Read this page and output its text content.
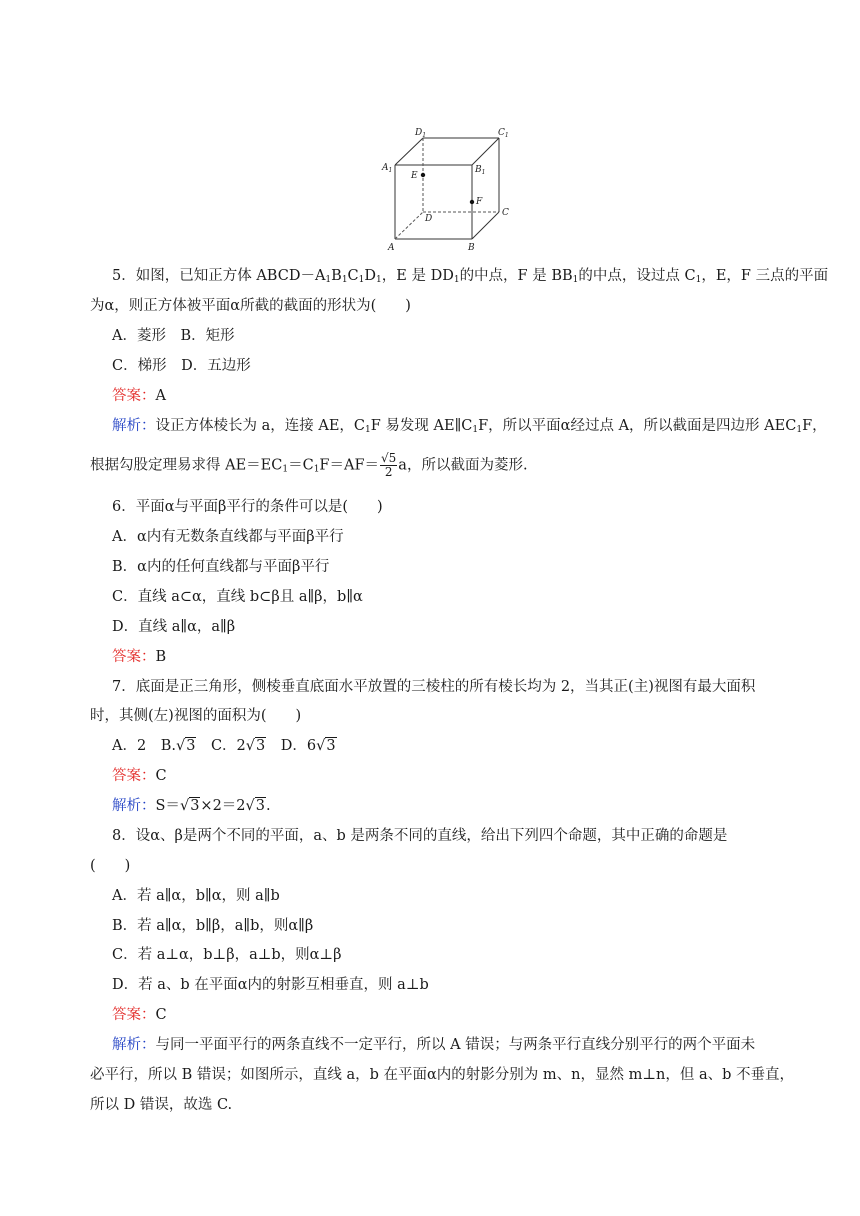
$D_1$	$C_1$
$A_1$	$B_1$
E
F
C
D
A	B
5．如图，已知正方体 $ABCD-A_1B_1C_1D_1$，E 是 $DD_1$的中点，F 是 $BB_1$的中点，设过点 $C_1$，E，F 三点的平面
为α，则正方体被平面α所截的截面的形状为(　　)
A．菱形　B．矩形
C．梯形　D．五边形
答案：A
解析：设正方体棱长为 a，连接 AE，$C_1F$ 易发现 $AE\parallel C_1F$，所以平面α经过点 A，所以截面是四边形 $AEC_1F$，
根据勾股定理易求得 $AE=EC_1=C_1F=AF= \frac{√5}{2}$ a，所以截面为菱形.
6．平面α与平面β平行的条件可以是(　　)
A．α内有无数条直线都与平面β平行
B．α内的任何直线都与平面β平行
C．直线 a⊂α，直线 b⊂β且 a∥β，b∥α
D．直线 a∥α，a∥β
答案：B
7．底面是正三角形，侧棱垂直底面水平放置的三棱柱的所有棱长均为 2，当其正(主)视图有最大面积
时，其侧(左)视图的面积为(　　)
A．2　B.√3　C．2√3　D．6√3
答案：C
解析：S＝√3×2＝2√3.
8．设α、β是两个不同的平面，a、b 是两条不同的直线，给出下列四个命题，其中正确的命题是
(　　)
A．若 a∥α，b∥α，则 a∥b
B．若 a∥α，b∥β，a∥b，则α∥β
C．若 a⊥α，b⊥β，a⊥b，则α⊥β
D．若 a、b 在平面α内的射影互相垂直，则 a⊥b
答案：C
解析：与同一平面平行的两条直线不一定平行，所以 A 错误；与两条平行直线分别平行的两个平面未
必平行，所以 B 错误；如图所示，直线 a，b 在平面α内的射影分别为 m、n，显然 m⊥n，但 a、b 不垂直，
所以 D 错误，故选 C.
